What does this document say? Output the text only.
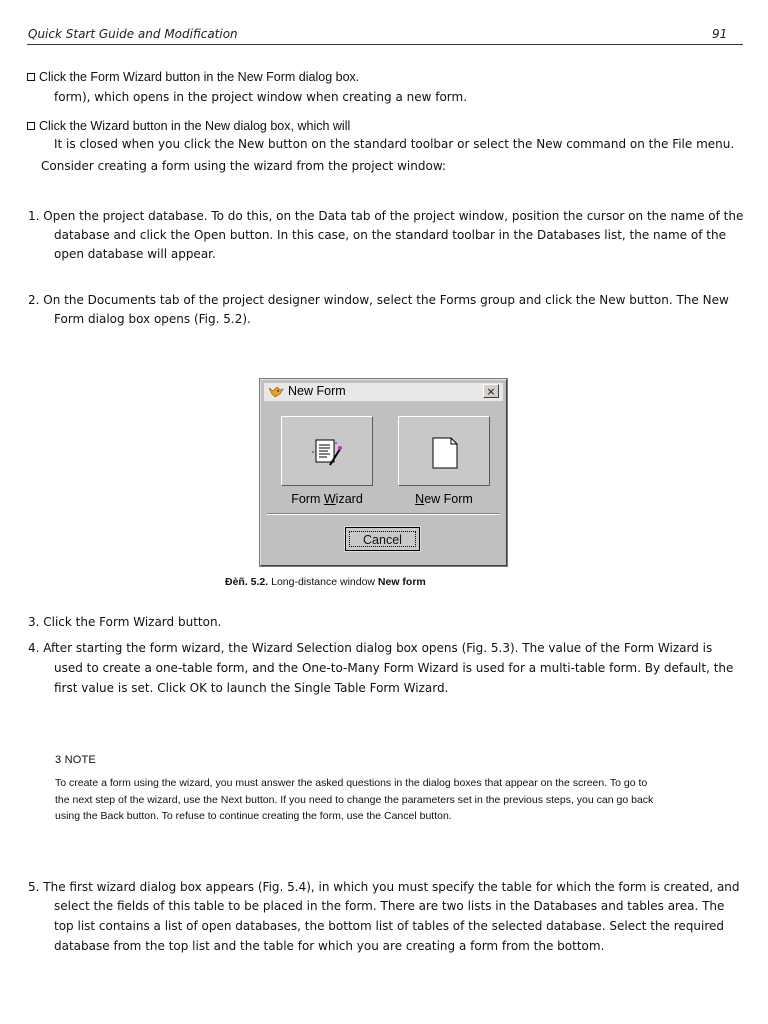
Quick Start Guide and Modification	91
Click the Form Wizard button in the New Form dialog box.
form), which opens in the project window when creating a new form.
Click the Wizard button in the New dialog box, which will
It is closed when you click the New button on the standard toolbar or select the New command on the File menu.
Consider creating a form using the wizard from the project window:
1. Open the project database. To do this, on the Data tab of the project window, position the cursor on the name of the
database and click the Open button. In this case, on the standard toolbar in the Databases list, the name of the
open database will appear.
2. On the Documents tab of the project designer window, select the Forms group and click the New button. The New
Form dialog box opens (Fig. 5.2).
New Form	×
Form Wizard	New Form
Cancel
Đèñ. 5.2. Long-distance window New form
3. Click the Form Wizard button.
4. After starting the form wizard, the Wizard Selection dialog box opens (Fig. 5.3). The value of the Form Wizard is
used to create a one-table form, and the One-to-Many Form Wizard is used for a multi-table form. By default, the
first value is set. Click OK to launch the Single Table Form Wizard.
3 NOTE
To create a form using the wizard, you must answer the asked questions in the dialog boxes that appear on the screen. To go to
the next step of the wizard, use the Next button. If you need to change the parameters set in the previous steps, you can go back
using the Back button. To refuse to continue creating the form, use the Cancel button.
5. The first wizard dialog box appears (Fig. 5.4), in which you must specify the table for which the form is created, and
select the fields of this table to be placed in the form. There are two lists in the Databases and tables area. The
top list contains a list of open databases, the bottom list of tables of the selected database. Select the required
database from the top list and the table for which you are creating a form from the bottom.
